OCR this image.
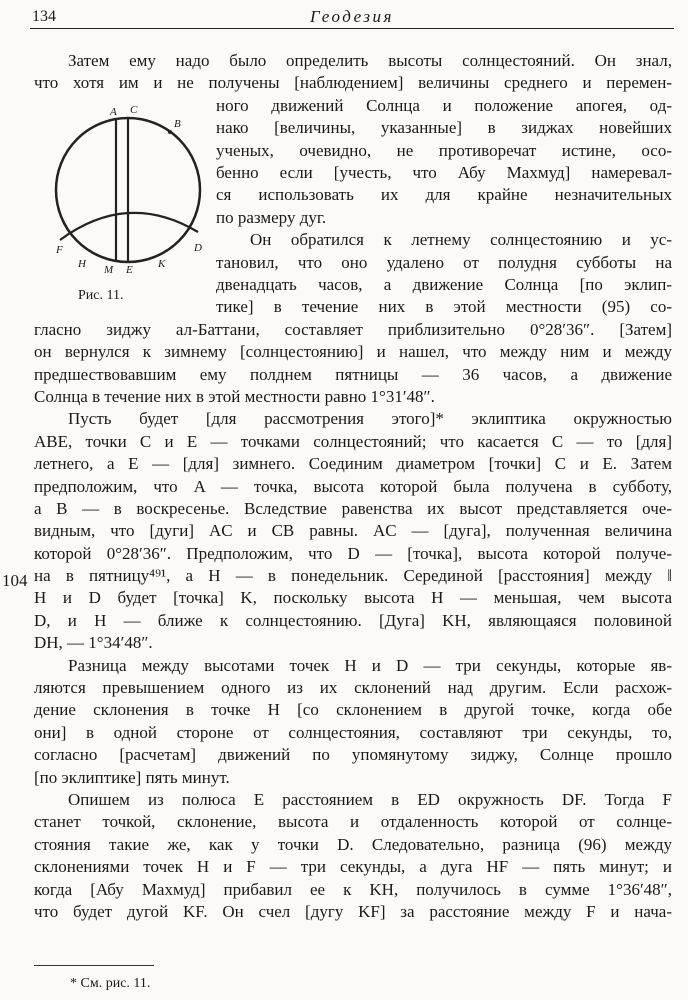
134	Геодезия
A C
B
F
H M E K
D
Рис. 11.
Затем ему надо было определить высоты солнцестояний. Он знал,
что хотя им и не получены [наблюдением] величины среднего и перемен-
ного движений Солнца и положение апогея, од-
нако [величины, указанные] в зиджах новейших
ученых, очевидно, не противоречат истине, осо-
бенно если [учесть, что Абу Махмуд] намеревал-
ся использовать их для крайне незначительных
по размеру дуг.
Он обратился к летнему солнцестоянию и ус-
тановил, что оно удалено от полудня субботы на
двенадцать часов, а движение Солнца [по эклип-
тике] в течение них в этой местности (95) со-
гласно зиджу ал-Баттани, составляет приблизительно 0°28′36″. [Затем]
он вернулся к зимнему [солнцестоянию] и нашел, что между ним и между
предшествовавшим ему полднем пятницы — 36 часов, а движение
Солнца в течение них в этой местности равно 1°31′48″.
Пусть будет [для рассмотрения этого]* эклиптика окружностью
ABE, точки C и E — точками солнцестояний; что касается C — то [для]
летнего, а E — [для] зимнего. Соединим диаметром [точки] C и E. Затем
предположим, что A — точка, высота которой была получена в субботу,
а B — в воскресенье. Вследствие равенства их высот представляется оче-
видным, что [дуги] AC и CB равны. AC — [дуга], полученная величина
которой 0°28′36″. Предположим, что D — [точка], высота которой получе-
на в пятницу⁴⁹¹, а H — в понедельник. Серединой [расстояния] между ‖
H и D будет [точка] K, поскольку высота H — меньшая, чем высота
D, и H — ближе к солнцестоянию. [Дуга] KH, являющаяся половиной
DH, — 1°34′48″.
Разница между высотами точек H и D — три секунды, которые яв-
ляются превышением одного из их склонений над другим. Если расхож-
дение склонения в точке H [со склонением в другой точке, когда обе
они] в одной стороне от солнцестояния, составляют три секунды, то,
согласно [расчетам] движений по упомянутому зиджу, Солнце прошло
[по эклиптике] пять минут.
Опишем из полюса E расстоянием в ED окружность DF. Тогда F
станет точкой, склонение, высота и отдаленность которой от солнце-
стояния такие же, как у точки D. Следовательно, разница (96) между
склонениями точек H и F — три секунды, а дуга HF — пять минут; и
когда [Абу Махмуд] прибавил ее к KH, получилось в сумме 1°36′48″,
что будет дугой KF. Он счел [дугу KF] за расстояние между F и нача-
104
* См. рис. 11.
